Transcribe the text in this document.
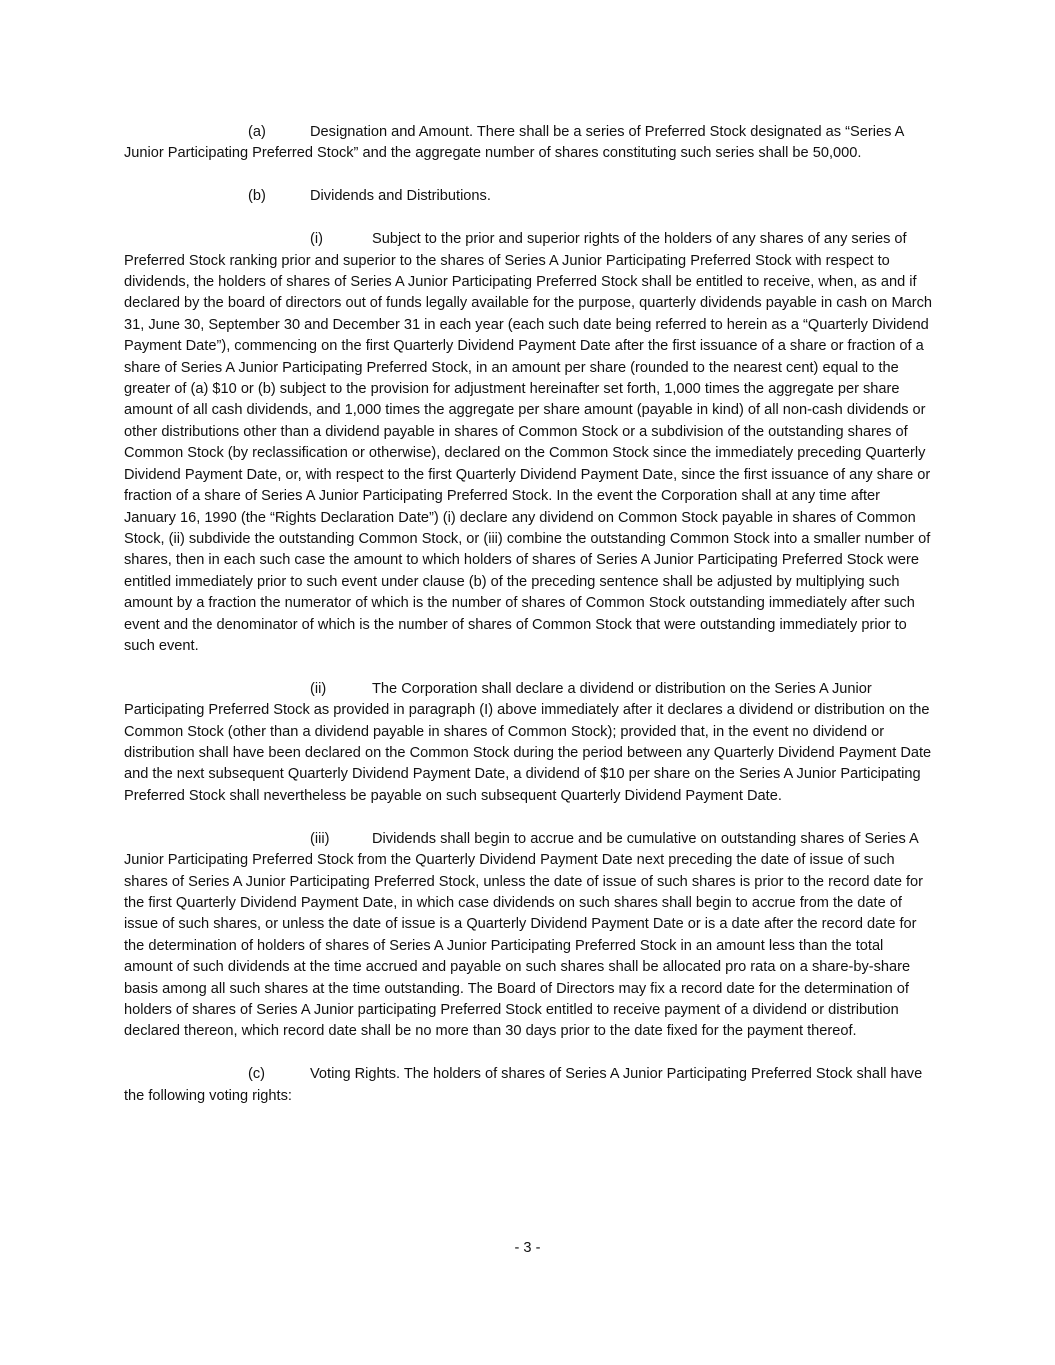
(a)	Designation and Amount. There shall be a series of Preferred Stock designated as “Series A Junior Participating Preferred Stock” and the aggregate number of shares constituting such series shall be 50,000.

(b)	Dividends and Distributions.

(i)	Subject to the prior and superior rights of the holders of any shares of any series of Preferred Stock ranking prior and superior to the shares of Series A Junior Participating Preferred Stock with respect to dividends, the holders of shares of Series A Junior Participating Preferred Stock shall be entitled to receive, when, as and if declared by the board of directors out of funds legally available for the purpose, quarterly dividends payable in cash on March 31, June 30, September 30 and December 31 in each year (each such date being referred to herein as a “Quarterly Dividend Payment Date”), commencing on the first Quarterly Dividend Payment Date after the first issuance of a share or fraction of a share of Series A Junior Participating Preferred Stock, in an amount per share (rounded to the nearest cent) equal to the greater of (a) $10 or (b) subject to the provision for adjustment hereinafter set forth, 1,000 times the aggregate per share amount of all cash dividends, and 1,000 times the aggregate per share amount (payable in kind) of all non-cash dividends or other distributions other than a dividend payable in shares of Common Stock or a subdivision of the outstanding shares of Common Stock (by reclassification or otherwise), declared on the Common Stock since the immediately preceding Quarterly Dividend Payment Date, or, with respect to the first Quarterly Dividend Payment Date, since the first issuance of any share or fraction of a share of Series A Junior Participating Preferred Stock. In the event the Corporation shall at any time after January 16, 1990 (the “Rights Declaration Date”) (i) declare any dividend on Common Stock payable in shares of Common Stock, (ii) subdivide the outstanding Common Stock, or (iii) combine the outstanding Common Stock into a smaller number of shares, then in each such case the amount to which holders of shares of Series A Junior Participating Preferred Stock were entitled immediately prior to such event under clause (b) of the preceding sentence shall be adjusted by multiplying such amount by a fraction the numerator of which is the number of shares of Common Stock outstanding immediately after such event and the denominator of which is the number of shares of Common Stock that were outstanding immediately prior to such event.

(ii)	The Corporation shall declare a dividend or distribution on the Series A Junior Participating Preferred Stock as provided in paragraph (I) above immediately after it declares a dividend or distribution on the Common Stock (other than a dividend payable in shares of Common Stock); provided that, in the event no dividend or distribution shall have been declared on the Common Stock during the period between any Quarterly Dividend Payment Date and the next subsequent Quarterly Dividend Payment Date, a dividend of $10 per share on the Series A Junior Participating Preferred Stock shall nevertheless be payable on such subsequent Quarterly Dividend Payment Date.

(iii)	Dividends shall begin to accrue and be cumulative on outstanding shares of Series A Junior Participating Preferred Stock from the Quarterly Dividend Payment Date next preceding the date of issue of such shares of Series A Junior Participating Preferred Stock, unless the date of issue of such shares is prior to the record date for the first Quarterly Dividend Payment Date, in which case dividends on such shares shall begin to accrue from the date of issue of such shares, or unless the date of issue is a Quarterly Dividend Payment Date or is a date after the record date for the determination of holders of shares of Series A Junior Participating Preferred Stock in an amount less than the total amount of such dividends at the time accrued and payable on such shares shall be allocated pro rata on a share-by-share basis among all such shares at the time outstanding. The Board of Directors may fix a record date for the determination of holders of shares of Series A Junior participating Preferred Stock entitled to receive payment of a dividend or distribution declared thereon, which record date shall be no more than 30 days prior to the date fixed for the payment thereof.

(c)	Voting Rights. The holders of shares of Series A Junior Participating Preferred Stock shall have the following voting rights:

- 3 -
